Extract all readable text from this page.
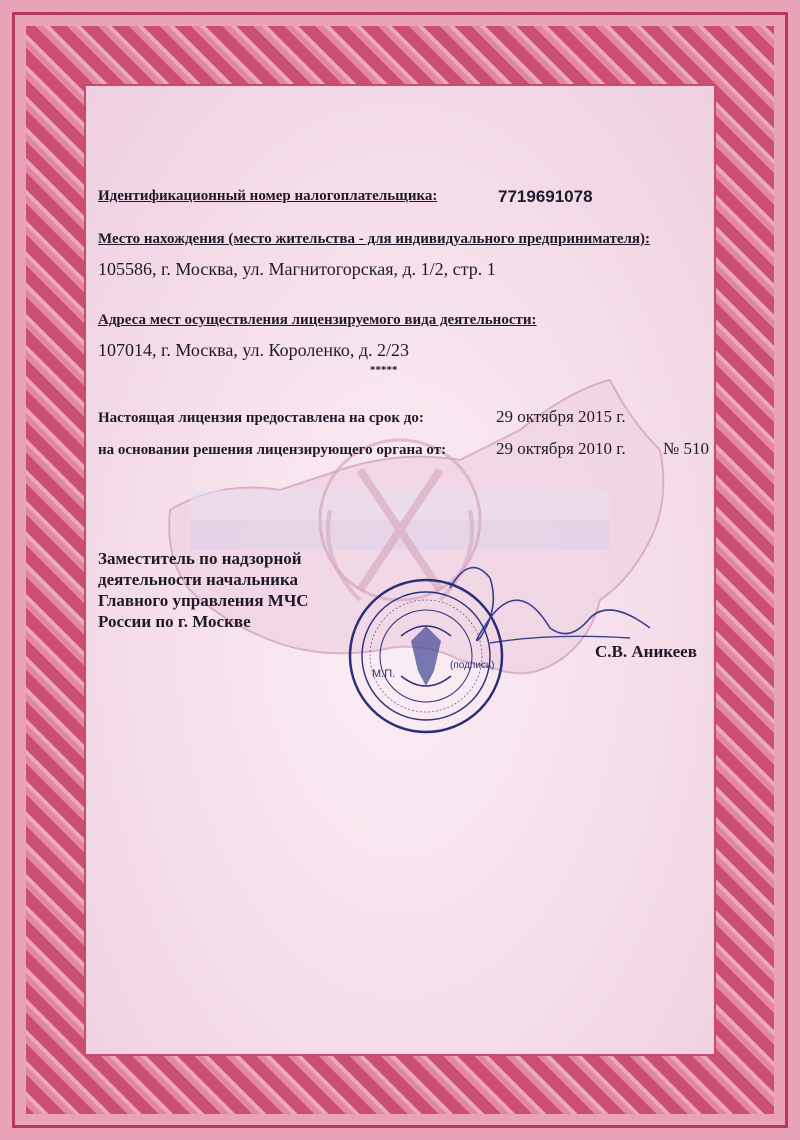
Идентификационный номер налогоплательщика:	7719691078
Место нахождения (место жительства - для индивидуального предпринимателя):
105586, г. Москва, ул. Магнитогорская, д. 1/2, стр. 1
Адреса мест осуществления лицензируемого вида деятельности:
107014, г. Москва, ул. Короленко, д. 2/23
*****
Настоящая лицензия предоставлена на срок до:	29 октября 2015 г.
на основании решения лицензирующего органа от:	29 октября 2010 г. № 510
Заместитель по надзорной деятельности начальника Главного управления МЧС России по г. Москве
М.П.
(подпись)
С.В. Аникеев
